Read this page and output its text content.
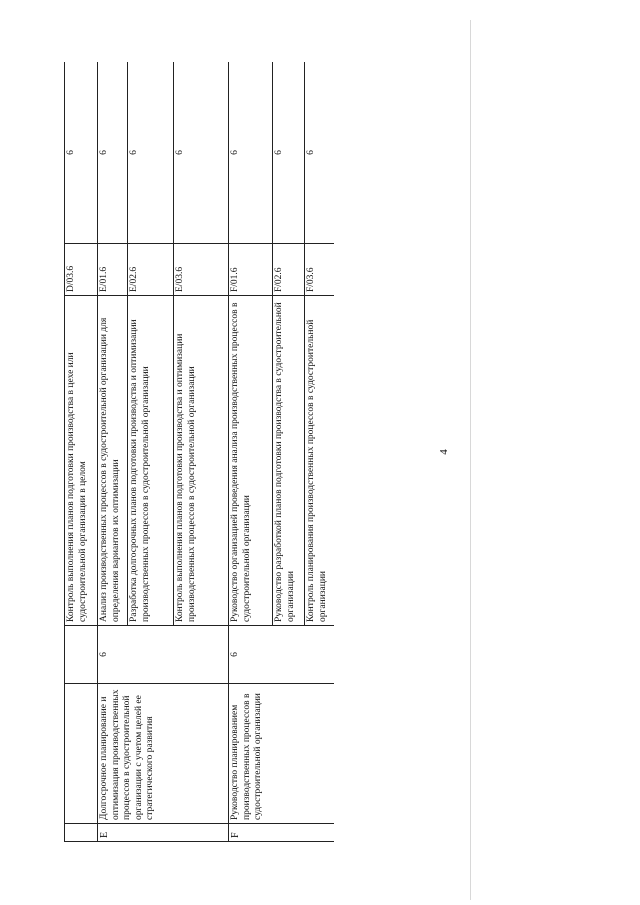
4
			Контроль выполнения планов подготовки производства в цехе или судостроительной организации в целом	D/03.6	6
E	Долгосрочное планирование и оптимизация производственных процессов в судостроительной организации с учетом целей ее стратегического развития	6	Анализ производственных процессов в судостроительной организации для определения вариантов их оптимизации	E/01.6	6
			Разработка долгосрочных планов подготовки производства и оптимизации производственных процессов в судостроительной организации	E/02.6	6
			Контроль выполнения планов подготовки производства и оптимизации производственных процессов в судостроительной организации	E/03.6	6
F	Руководство планированием производственных процессов в судостроительной организации	6	Руководство организацией проведения анализа производственных процессов в судостроительной организации	F/01.6	6
			Руководство разработкой планов подготовки производства в судостроительной организации	F/02.6	6
			Контроль планирования производственных процессов в судостроительной организации	F/03.6	6
